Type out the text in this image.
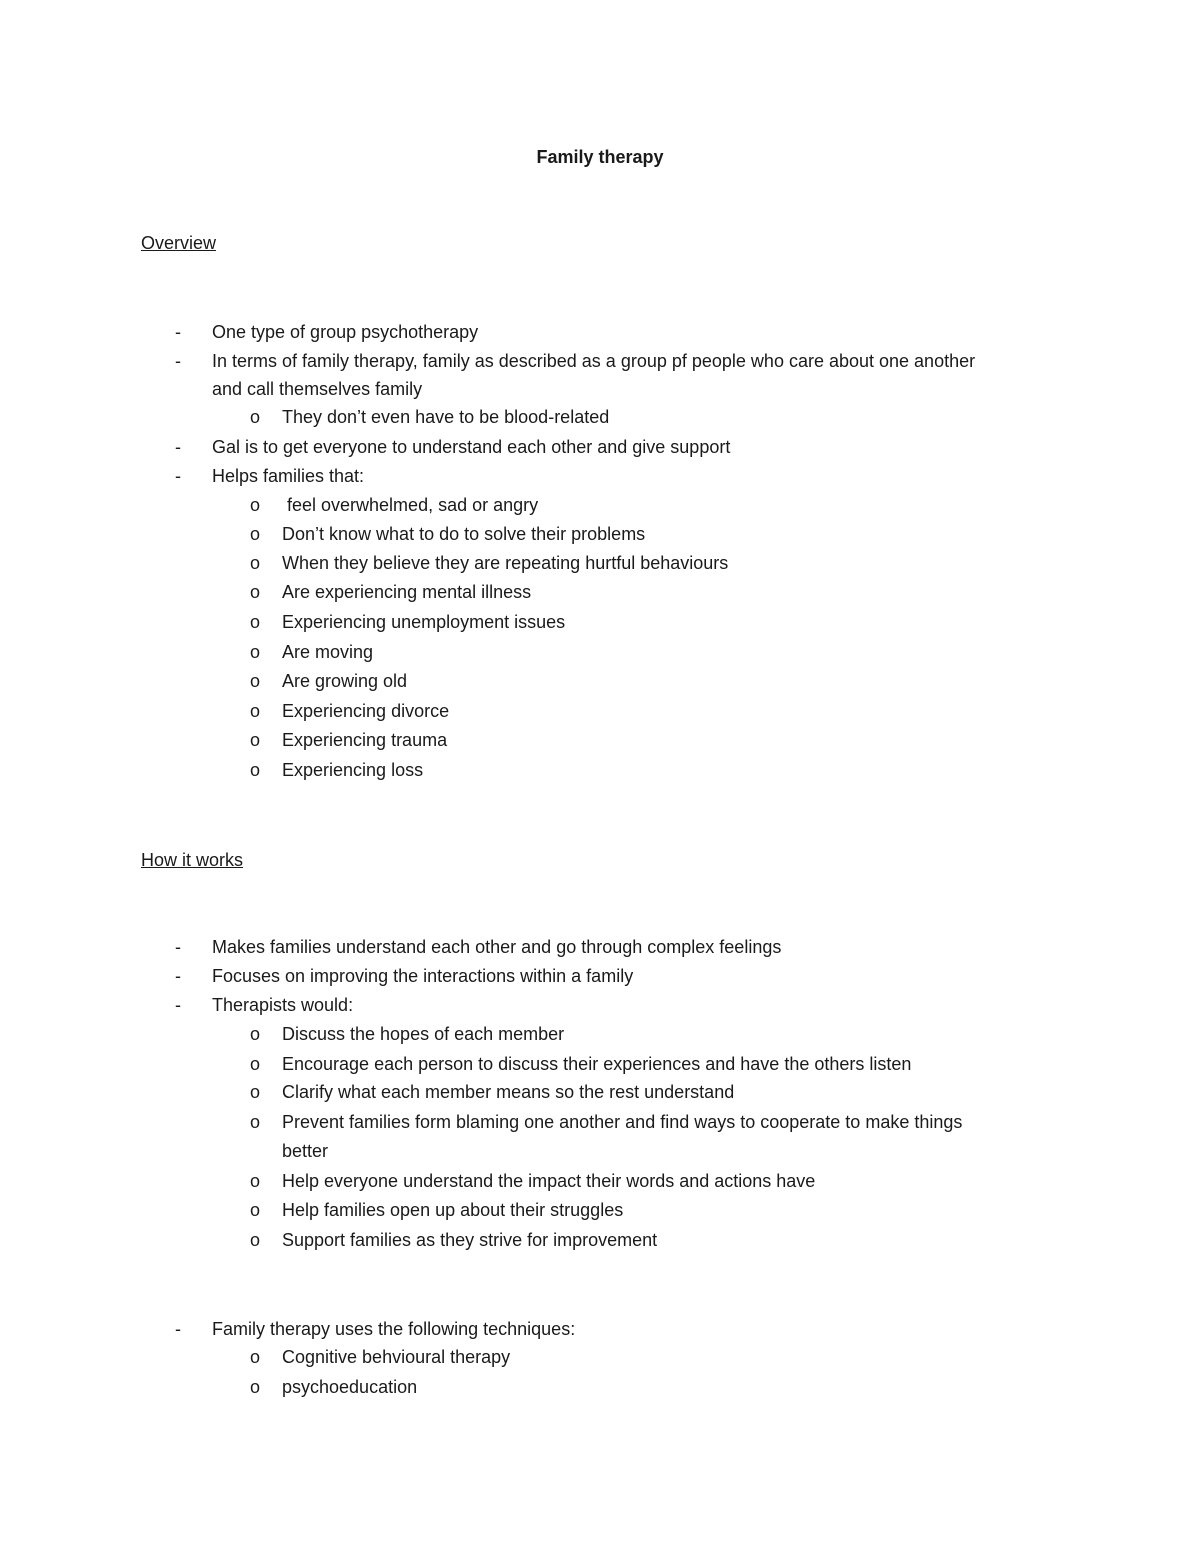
Family therapy
Overview
-	One type of group psychotherapy
-	In terms of family therapy, family as described as a group pf people who care about one another
and call themselves family
o	They don’t even have to be blood-related
-	Gal is to get everyone to understand each other and give support
-	Helps families that:
o	feel overwhelmed, sad or angry
o	Don’t know what to do to solve their problems
o	When they believe they are repeating hurtful behaviours
o	Are experiencing mental illness
o	Experiencing unemployment issues
o	Are moving
o	Are growing old
o	Experiencing divorce
o	Experiencing trauma
o	Experiencing loss
How it works
-	Makes families understand each other and go through complex feelings
-	Focuses on improving the interactions within a family
-	Therapists would:
o	Discuss the hopes of each member
o	Encourage each person to discuss their experiences and have the others listen
o	Clarify what each member means so the rest understand
o	Prevent families form blaming one another and find ways to cooperate to make things
better
o	Help everyone understand the impact their words and actions have
o	Help families open up about their struggles
o	Support families as they strive for improvement
-	Family therapy uses the following techniques:
o	Cognitive behvioural therapy
o	psychoeducation
